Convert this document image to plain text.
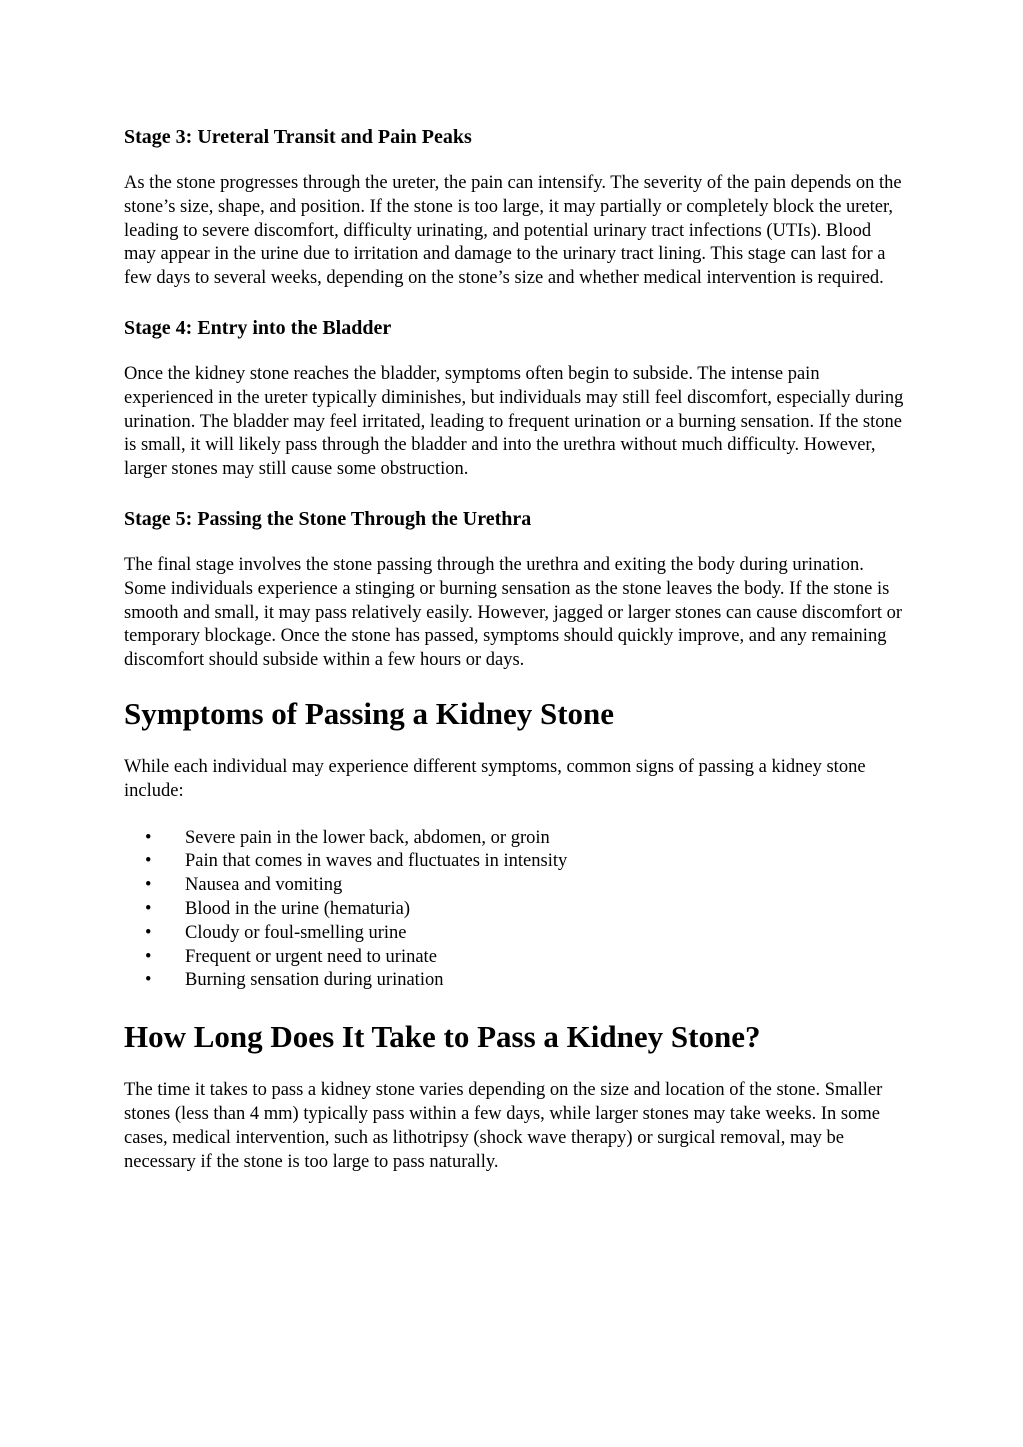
Stage 3: Ureteral Transit and Pain Peaks

As the stone progresses through the ureter, the pain can intensify. The severity of the pain depends on the stone’s size, shape, and position. If the stone is too large, it may partially or completely block the ureter, leading to severe discomfort, difficulty urinating, and potential urinary tract infections (UTIs). Blood may appear in the urine due to irritation and damage to the urinary tract lining. This stage can last for a few days to several weeks, depending on the stone’s size and whether medical intervention is required.

Stage 4: Entry into the Bladder

Once the kidney stone reaches the bladder, symptoms often begin to subside. The intense pain experienced in the ureter typically diminishes, but individuals may still feel discomfort, especially during urination. The bladder may feel irritated, leading to frequent urination or a burning sensation. If the stone is small, it will likely pass through the bladder and into the urethra without much difficulty. However, larger stones may still cause some obstruction.

Stage 5: Passing the Stone Through the Urethra

The final stage involves the stone passing through the urethra and exiting the body during urination. Some individuals experience a stinging or burning sensation as the stone leaves the body. If the stone is smooth and small, it may pass relatively easily. However, jagged or larger stones can cause discomfort or temporary blockage. Once the stone has passed, symptoms should quickly improve, and any remaining discomfort should subside within a few hours or days.

Symptoms of Passing a Kidney Stone

While each individual may experience different symptoms, common signs of passing a kidney stone include:

• Severe pain in the lower back, abdomen, or groin
• Pain that comes in waves and fluctuates in intensity
• Nausea and vomiting
• Blood in the urine (hematuria)
• Cloudy or foul-smelling urine
• Frequent or urgent need to urinate
• Burning sensation during urination
How Long Does It Take to Pass a Kidney Stone?

The time it takes to pass a kidney stone varies depending on the size and location of the stone. Smaller stones (less than 4 mm) typically pass within a few days, while larger stones may take weeks. In some cases, medical intervention, such as lithotripsy (shock wave therapy) or surgical removal, may be necessary if the stone is too large to pass naturally.
